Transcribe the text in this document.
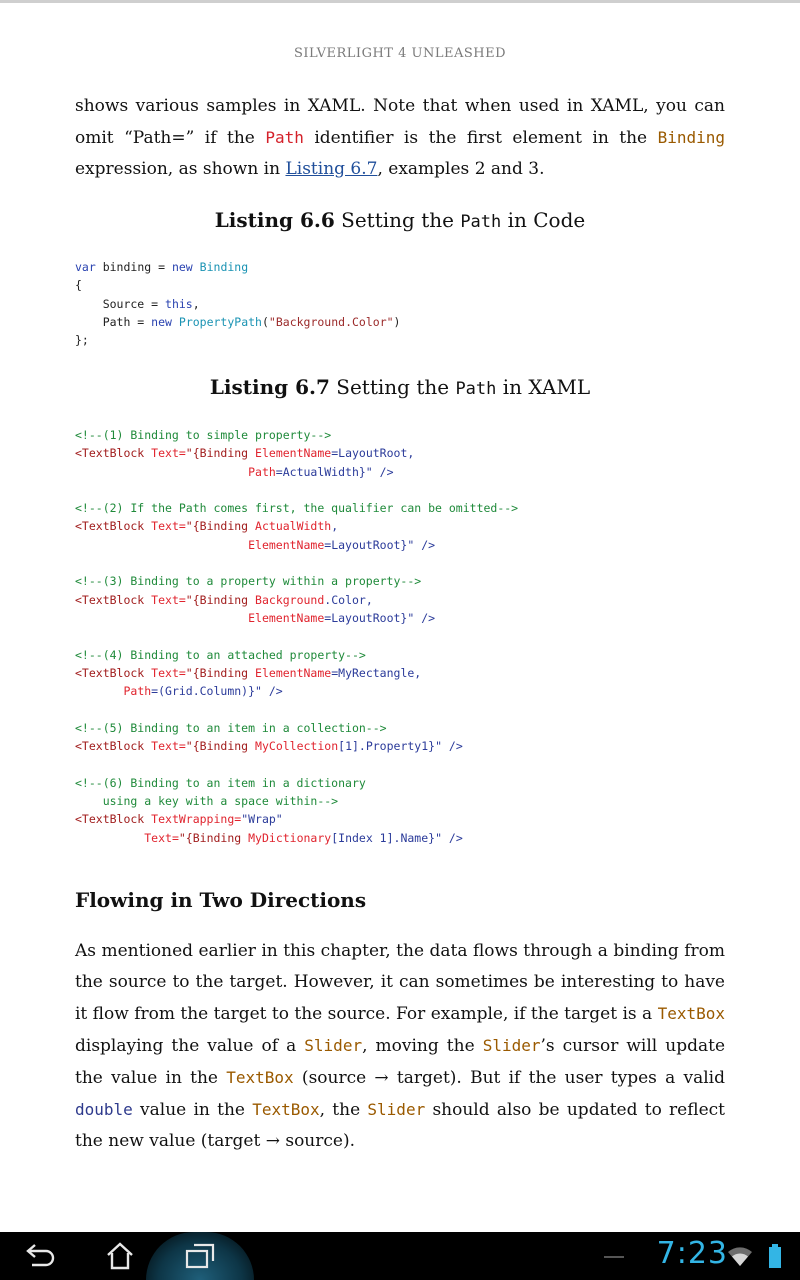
SILVERLIGHT 4 UNLEASHED

shows various samples in XAML. Note that when used in XAML, you can omit “Path=” if the Path identifier is the first element in the Binding expression, as shown in Listing 6.7, examples 2 and 3.

Listing 6.6 Setting the Path in Code
var binding = new Binding
{
Source = this,
Path = new PropertyPath("Background.Color")
};
Listing 6.7 Setting the Path in XAML
<!--(1) Binding to simple property-->
<TextBlock Text="{Binding ElementName=LayoutRoot,
Path=ActualWidth}" />

<!--(2) If the Path comes first, the qualifier can be omitted-->
<TextBlock Text="{Binding ActualWidth,
ElementName=LayoutRoot}" />

<!--(3) Binding to a property within a property-->
<TextBlock Text="{Binding Background.Color,
ElementName=LayoutRoot}" />

<!--(4) Binding to an attached property-->
<TextBlock Text="{Binding ElementName=MyRectangle,
Path=(Grid.Column)}" />

<!--(5) Binding to an item in a collection-->
<TextBlock Text="{Binding MyCollection[1].Property1}" />

<!--(6) Binding to an item in a dictionary
using a key with a space within-->
<TextBlock TextWrapping="Wrap"
Text="{Binding MyDictionary[Index 1].Name}" />
Flowing in Two Directions

As mentioned earlier in this chapter, the data flows through a binding from the source to the target. However, it can sometimes be interesting to have it flow from the target to the source. For example, if the target is a TextBox displaying the value of a Slider, moving the Slider’s cursor will update the value in the TextBox (source → target). But if the user types a valid double value in the TextBox, the Slider should also be updated to reflect the new value (target → source).

7:23
